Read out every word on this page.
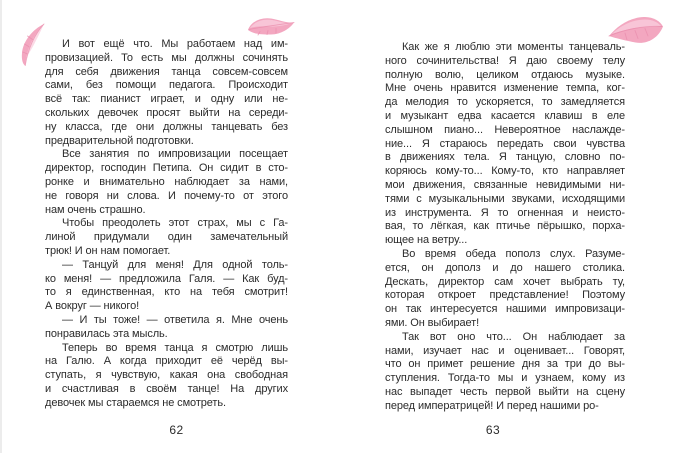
И вот ещё что. Мы работаем над им-
провизацией. То есть мы должны сочинять
для себя движения танца совсем-совсем
сами, без помощи педагога. Происходит
всё так: пианист играет, и одну или не-
скольких девочек просят выйти на середи-
ну класса, где они должны танцевать без
предварительной подготовки.
Все занятия по импровизации посещает
директор, господин Петипа. Он сидит в сто-
ронке и внимательно наблюдает за нами,
не говоря ни слова. И почему-то от этого
нам очень страшно.
Чтобы преодолеть этот страх, мы с Га-
линой придумали один замечательный
трюк! И он нам помогает.
— Танцуй для меня! Для одной толь-
ко меня! — предложила Галя. — Как буд-
то я единственная, кто на тебя смотрит!
А вокруг — никого!
— И ты тоже! — ответила я. Мне очень
понравилась эта мысль.
Теперь во время танца я смотрю лишь
на Галю. А когда приходит её черёд вы-
ступать, я чувствую, какая она свободная
и счастливая в своём танце! На других
девочек мы стараемся не смотреть.
62
Как же я люблю эти моменты танцеваль-
ного сочинительства! Я даю своему телу
полную волю, целиком отдаюсь музыке.
Мне очень нравится изменение темпа, ког-
да мелодия то ускоряется, то замедляется
и музыкант едва касается клавиш в еле
слышном пиано... Невероятное наслажде-
ние... Я стараюсь передать свои чувства
в движениях тела. Я танцую, словно по-
коряюсь кому-то... Кому-то, кто направляет
мои движения, связанные невидимыми ни-
тями с музыкальными звуками, исходящими
из инструмента. Я то огненная и неисто-
вая, то лёгкая, как птичье пёрышко, порха-
ющее на ветру...
Во время обеда пополз слух. Разуме-
ется, он дополз и до нашего столика.
Дескать, директор сам хочет выбрать ту,
которая откроет представление! Поэтому
он так интересуется нашими импровизаци-
ями. Он выбирает!
Так вот оно что... Он наблюдает за
нами, изучает нас и оценивает... Говорят,
что он примет решение дня за три до вы-
ступления. Тогда-то мы и узнаем, кому из
нас выпадет честь первой выйти на сцену
перед императрицей! И перед нашими ро-
63
